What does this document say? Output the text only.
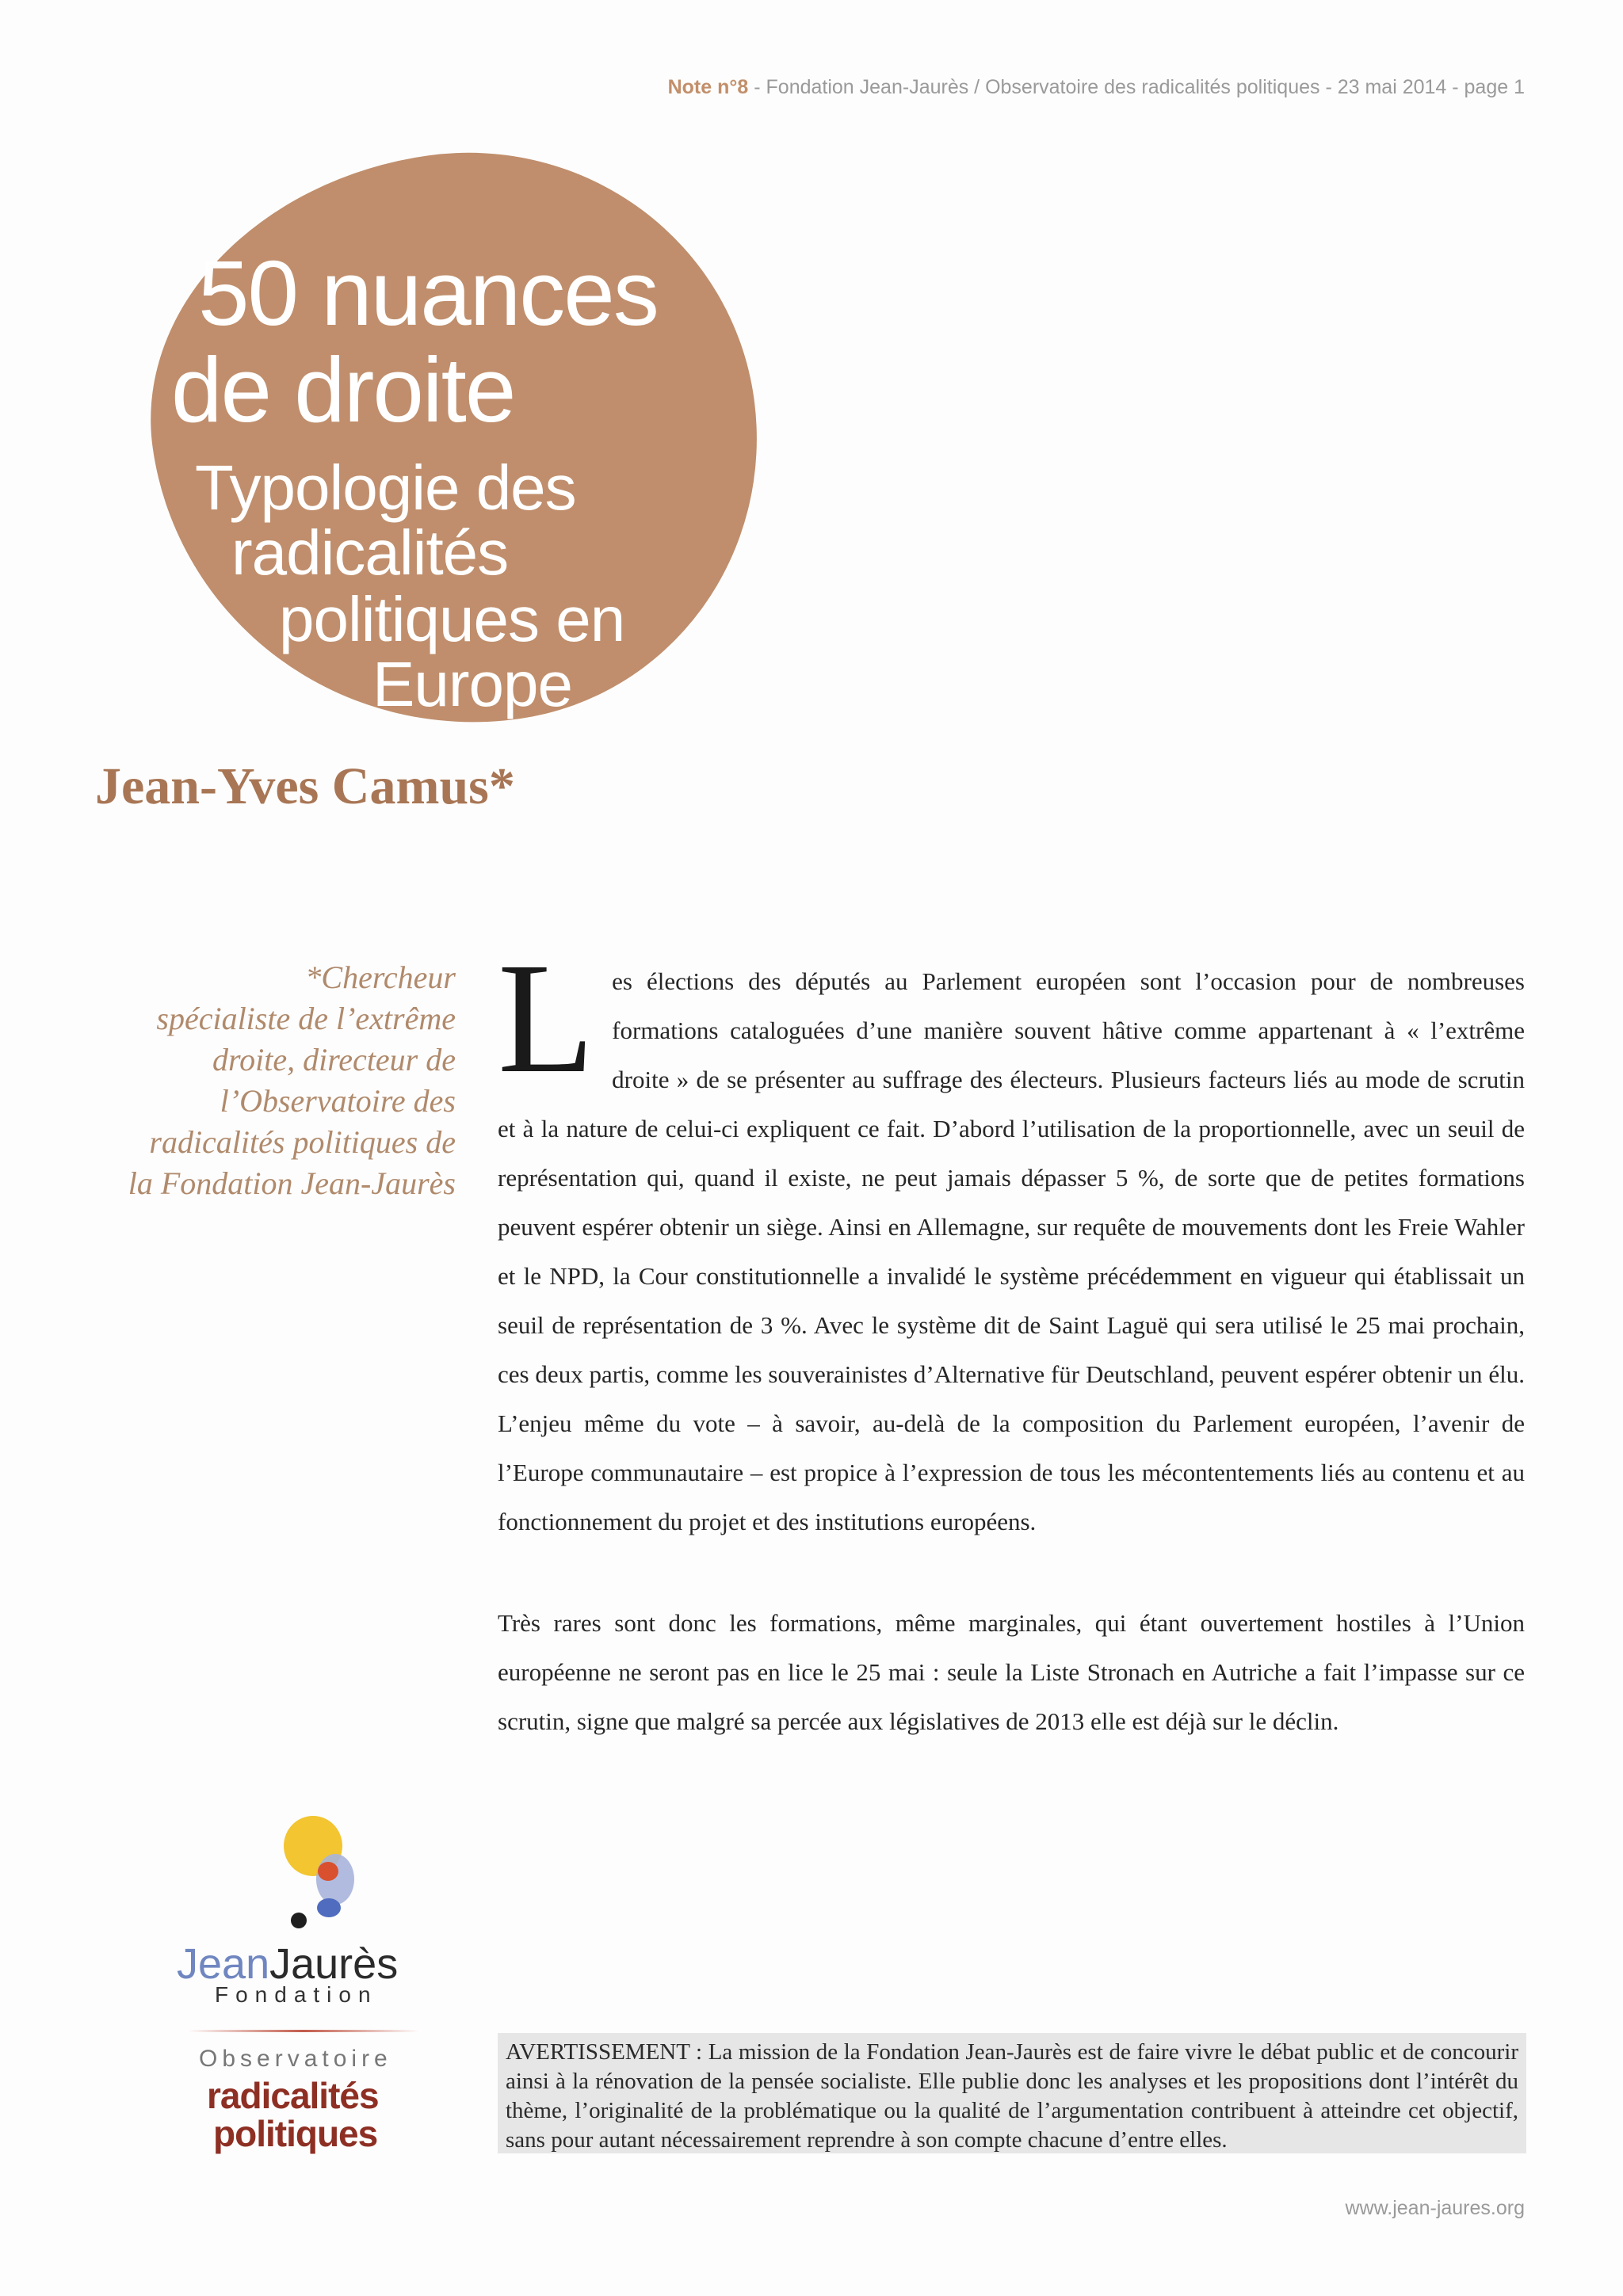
Note n°8 - Fondation Jean-Jaurès / Observatoire des radicalités politiques - 23 mai 2014 - page 1
50 nuances
de droite
Typologie des
radicalités
politiques en
Europe
Jean-Yves Camus*
*Chercheur
spécialiste de l’extrême
droite, directeur de
l’Observatoire des
radicalités politiques de
la Fondation Jean-Jaurès

Les élections des députés au Parlement européen sont l’occasion pour de nombreuses formations cataloguées d’une manière souvent hâtive comme appartenant à « l’extrême droite » de se présenter au suffrage des électeurs. Plusieurs facteurs liés au mode de scrutin et à la nature de celui-ci expliquent ce fait. D’abord l’utilisation de la proportionnelle, avec un seuil de représentation qui, quand il existe, ne peut jamais dépasser 5 %, de sorte que de petites formations peuvent espérer obtenir un siège. Ainsi en Allemagne, sur requête de mouvements dont les Freie Wahler et le NPD, la Cour constitutionnelle a invalidé le système précédemment en vigueur qui établissait un seuil de représentation de 3 %. Avec le système dit de Saint Laguë qui sera utilisé le 25 mai prochain, ces deux partis, comme les souverainistes d’Alternative für Deutschland, peuvent espérer obtenir un élu. L’enjeu même du vote – à savoir, au-delà de la composition du Parlement européen, l’avenir de l’Europe communautaire – est propice à l’expression de tous les mécontentements liés au contenu et au fonctionnement du projet et des institutions européens.

Très rares sont donc les formations, même marginales, qui étant ouvertement hostiles à l’Union européenne ne seront pas en lice le 25 mai : seule la Liste Stronach en Autriche a fait l’impasse sur ce scrutin, signe que malgré sa percée aux législatives de 2013 elle est déjà sur le déclin.

JeanJaurès
Fondation
Observatoire
radicalités
politiques
AVERTISSEMENT : La mission de la Fondation Jean-Jaurès est de faire vivre le débat public et de concourir ainsi à la rénovation de la pensée socialiste. Elle publie donc les analyses et les propositions dont l’intérêt du thème, l’originalité de la problématique ou la qualité de l’argumentation contribuent à atteindre cet objectif, sans pour autant nécessairement reprendre à son compte chacune d’entre elles.
www.jean-jaures.org
